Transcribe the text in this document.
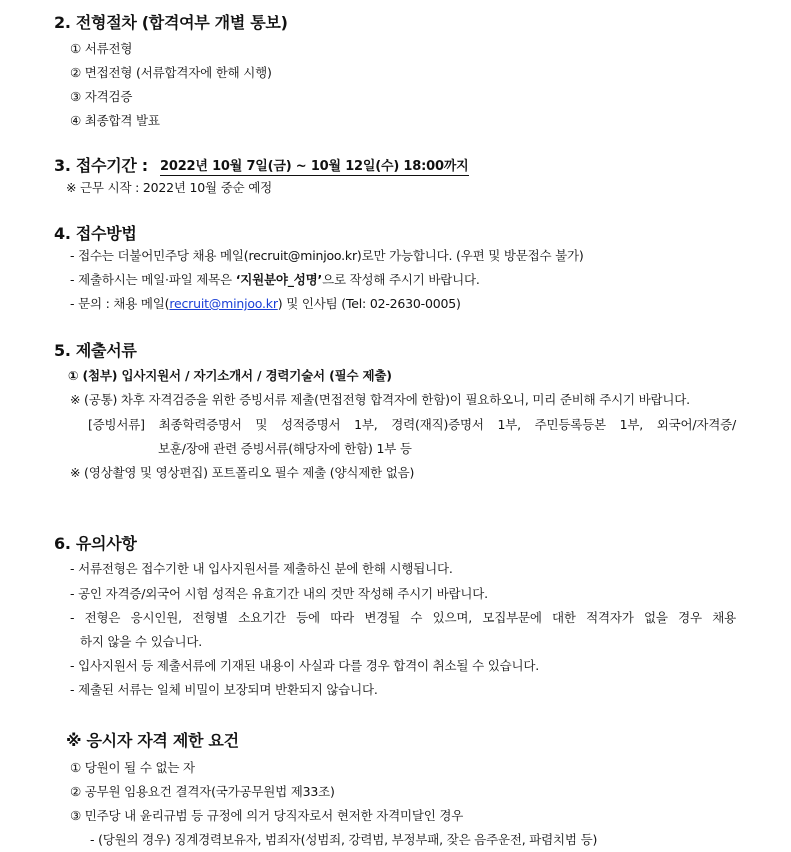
2. 전형절차 (합격여부 개별 통보)
① 서류전형
② 면접전형 (서류합격자에 한해 시행)
③ 자격검증
④ 최종합격 발표
3. 접수기간 : 2022년 10월 7일(금) ~ 10월 12일(수) 18:00까지
※ 근무 시작 : 2022년 10월 중순 예정
4. 접수방법
- 접수는 더불어민주당 채용 메일(recruit@minjoo.kr)로만 가능합니다. (우편 및 방문접수 불가)
- 제출하시는 메일·파일 제목은 ‘지원분야_성명’으로 작성해 주시기 바랍니다.
- 문의 : 채용 메일(recruit@minjoo.kr) 및 인사팀 (Tel: 02-2630-0005)
5. 제출서류
① (첨부) 입사지원서 / 자기소개서 / 경력기술서 (필수 제출)
※ (공통) 차후 자격검증을 위한 증빙서류 제출(면접전형 합격자에 한함)이 필요하오니, 미리 준비해 주시기 바랍니다.
[증빙서류] 최종학력증명서 및 성적증명서 1부, 경력(재직)증명서 1부, 주민등록등본 1부, 외국어/자격증/
보훈/장애 관련 증빙서류(해당자에 한함) 1부 등
※ (영상촬영 및 영상편집) 포트폴리오 필수 제출 (양식제한 없음)
6. 유의사항
- 서류전형은 접수기한 내 입사지원서를 제출하신 분에 한해 시행됩니다.
- 공인 자격증/외국어 시험 성적은 유효기간 내의 것만 작성해 주시기 바랍니다.
- 전형은 응시인원, 전형별 소요기간 등에 따라 변경될 수 있으며, 모집부문에 대한 적격자가 없을 경우 채용
하지 않을 수 있습니다.
- 입사지원서 등 제출서류에 기재된 내용이 사실과 다를 경우 합격이 취소될 수 있습니다.
- 제출된 서류는 일체 비밀이 보장되며 반환되지 않습니다.
※ 응시자 자격 제한 요건
① 당원이 될 수 없는 자
② 공무원 임용요건 결격자(국가공무원법 제33조)
③ 민주당 내 윤리규범 등 규정에 의거 당직자로서 현저한 자격미달인 경우
- (당원의 경우) 징계경력보유자, 범죄자(성범죄, 강력범, 부정부패, 잦은 음주운전, 파렴치범 등)
